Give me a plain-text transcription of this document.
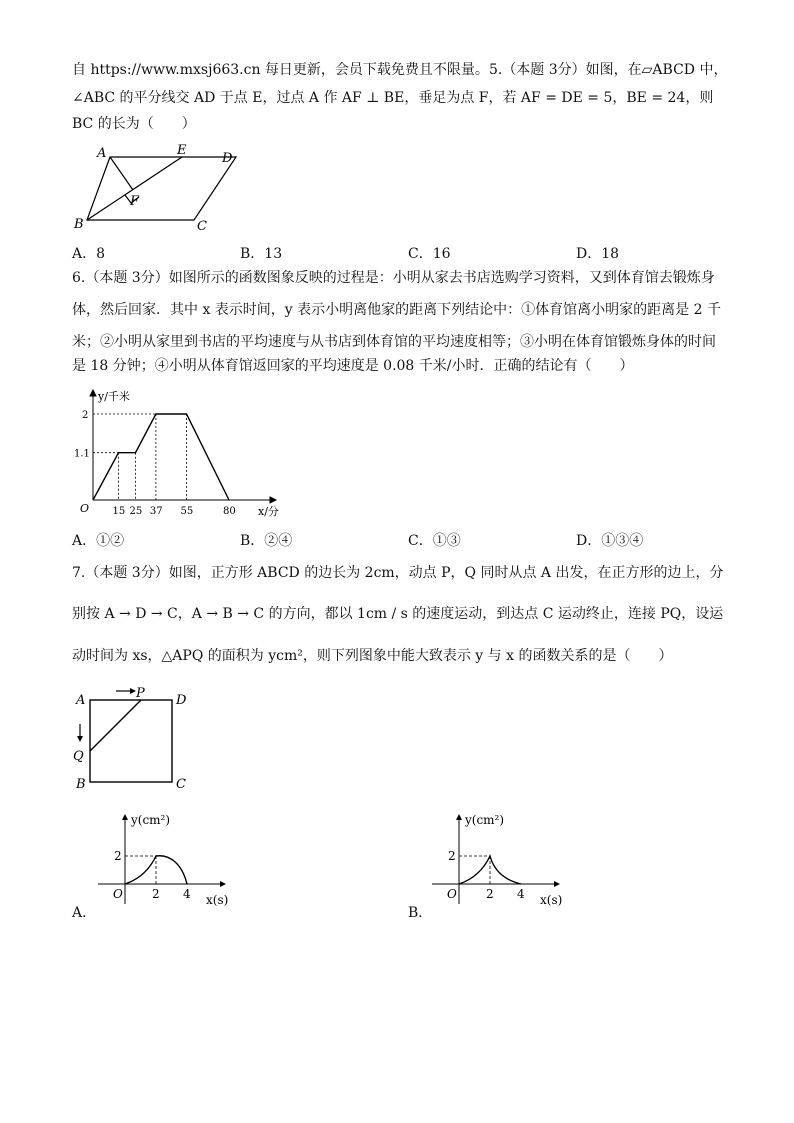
自 https://www.mxsj663.cn 每日更新，会员下载免费且不限量。5.（本题 3分）如图，在▱ABCD 中，
∠ABC 的平分线交 AD 于点 E，过点 A 作 AF ⊥ BE，垂足为点 F，若 AF = DE = 5，BE = 24，则
BC 的长为（　　）
A	E
D
F
B	C
A．8	B．13	C．16	D．18
6.（本题 3分）如图所示的函数图象反映的过程是：小明从家去书店选购学习资料，又到体育馆去锻炼身
体，然后回家．其中 x 表示时间，y 表示小明离他家的距离下列结论中：①体育馆离小明家的距离是 2 千
米；②小明从家里到书店的平均速度与从书店到体育馆的平均速度相等；③小明在体育馆锻炼身体的时间
是 18 分钟；④小明从体育馆返回家的平均速度是 0.08 千米/小时．正确的结论有（　　）
15 25 37 55	80
1.1
2
y/千米
x/分
O
A．①②	B．②④	C．①③	D．①③④
7.（本题 3分）如图，正方形 ABCD 的边长为 2cm，动点 P，Q 同时从点 A 出发，在正方形的边上，分
别按 A → D → C，A → B → C 的方向，都以 1cm / s 的速度运动，到达点 C 运动终止，连接 PQ，设运
动时间为 xs，△APQ 的面积为 ycm²，则下列图象中能大致表示 y 与 x 的函数关系的是（　　）
A	P D
Q
B	C
A．
y(cm²)
2
O 2 4 x(s)
B．
y(cm²)
2
O 2 4 x(s)
